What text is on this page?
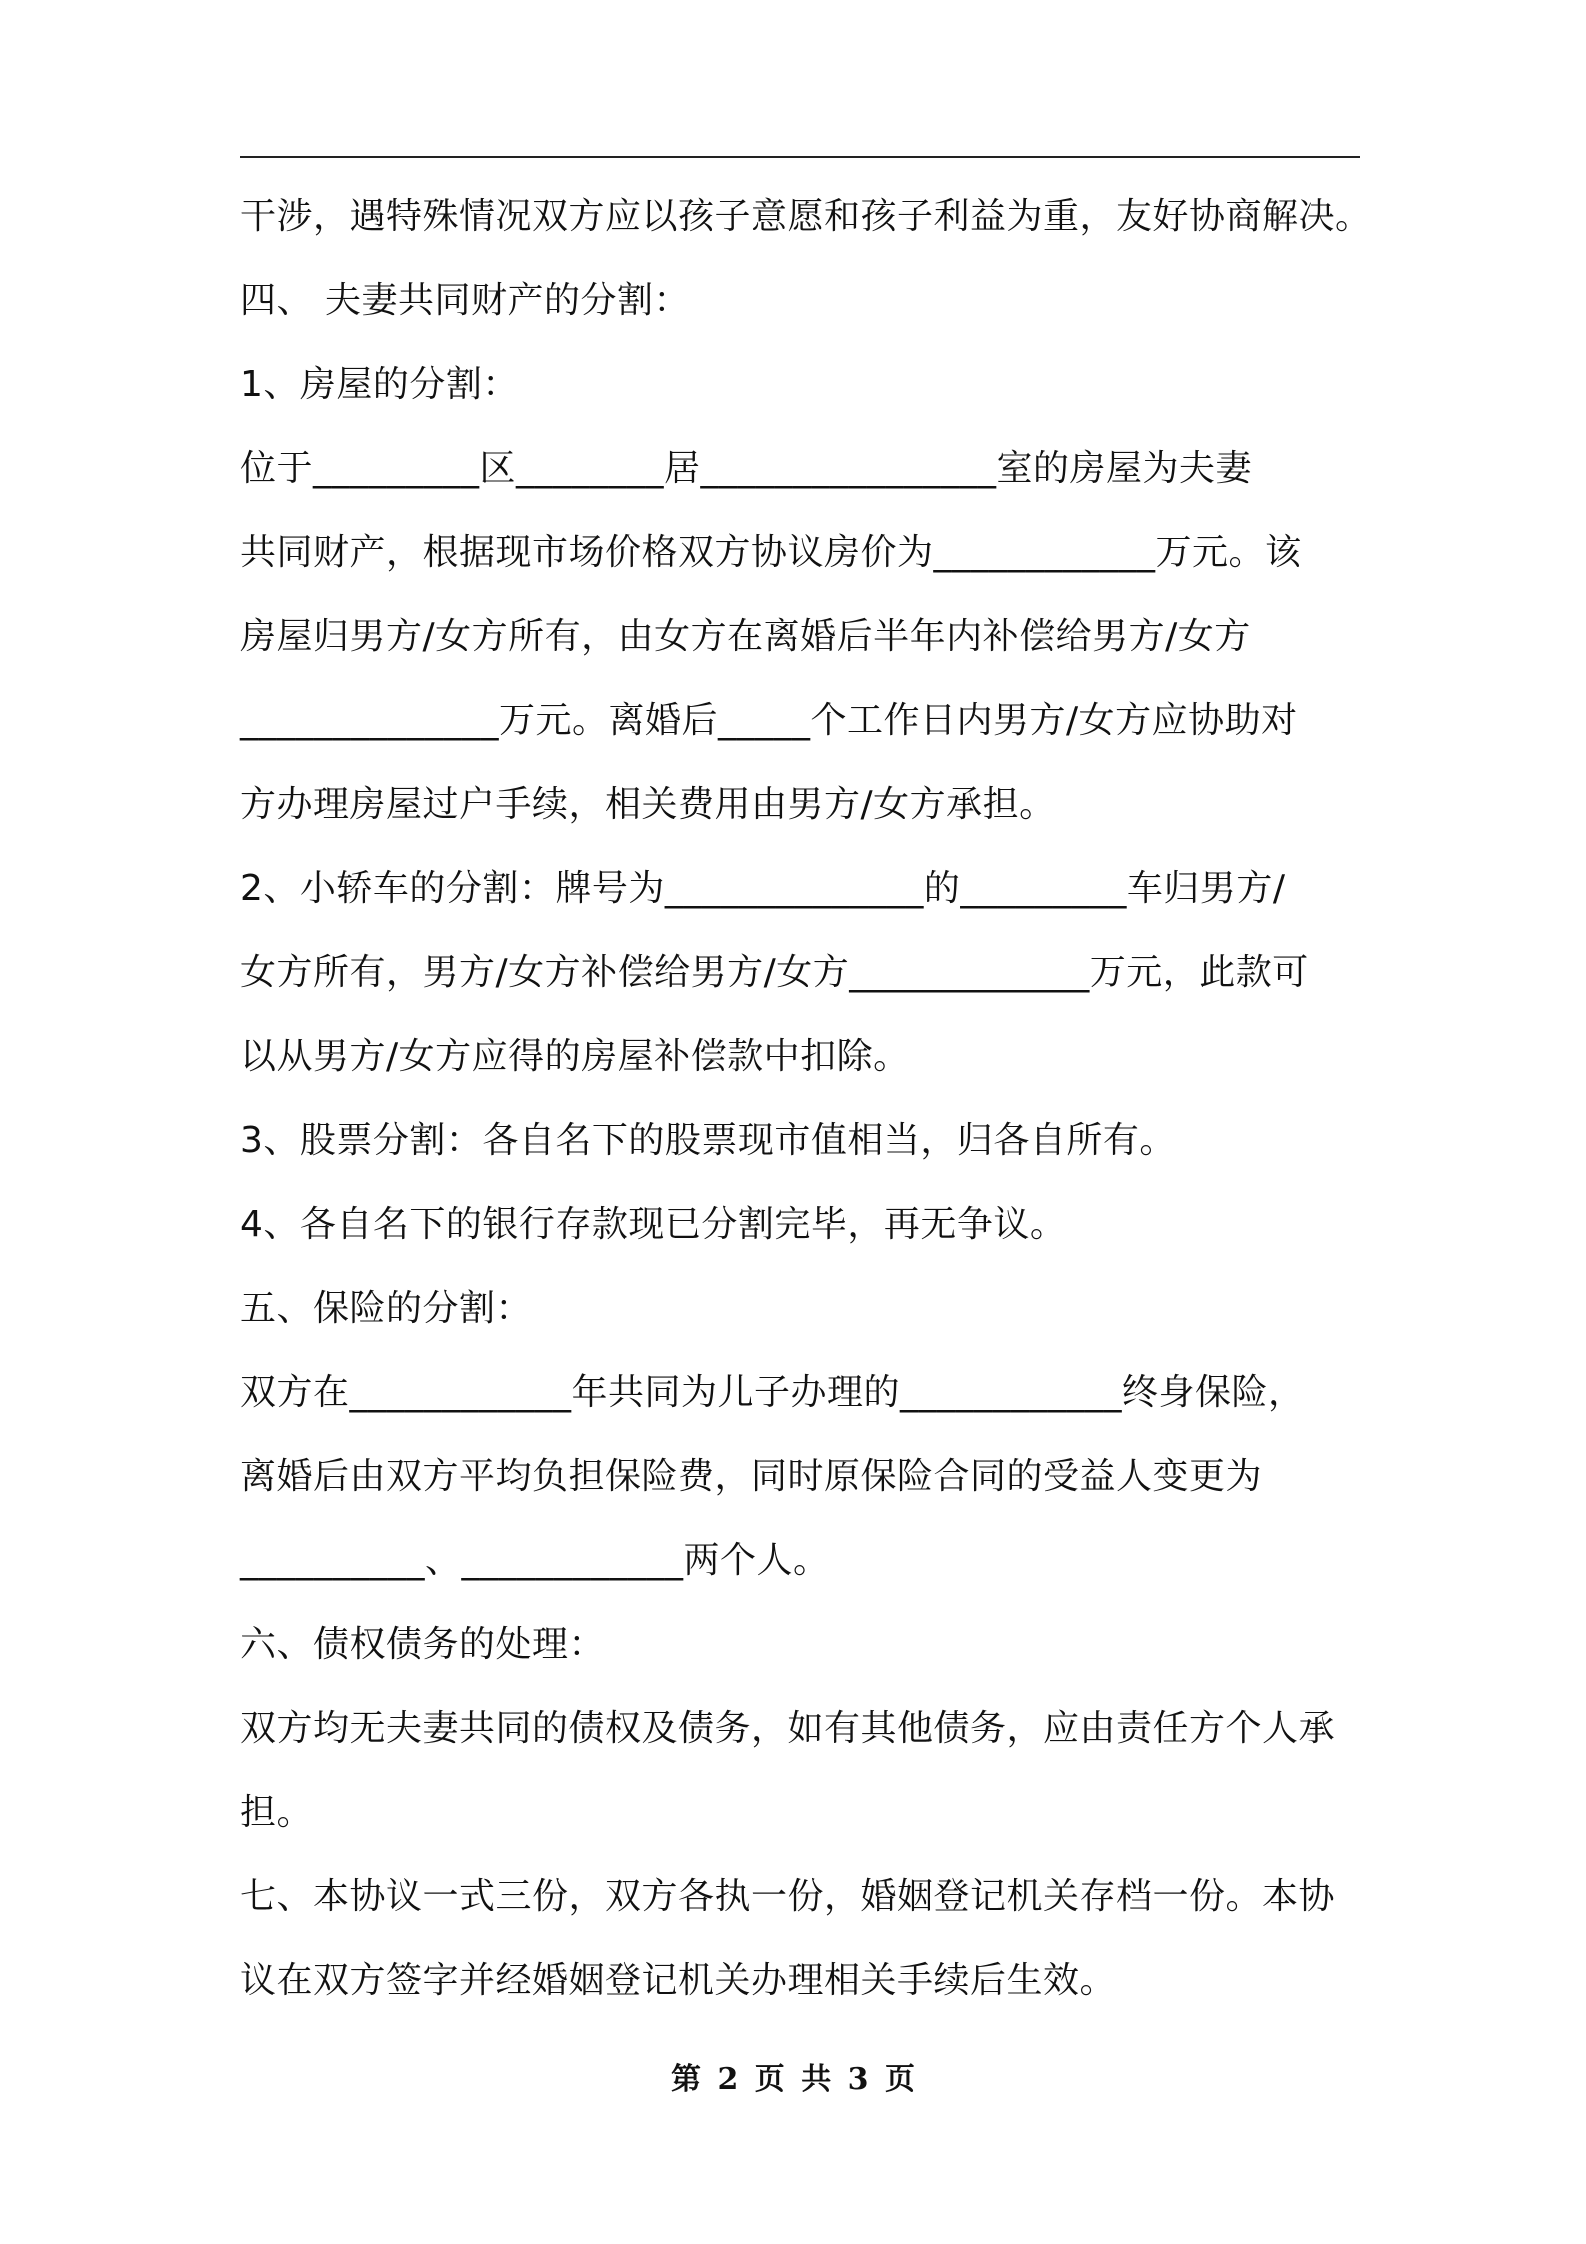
干涉，遇特殊情况双方应以孩子意愿和孩子利益为重，友好协商解决。
四、 夫妻共同财产的分割：
1、房屋的分割：
位于_________区________居________________室的房屋为夫妻
共同财产，根据现市场价格双方协议房价为____________万元。该
房屋归男方/女方所有，由女方在离婚后半年内补偿给男方/女方
______________万元。离婚后_____个工作日内男方/女方应协助对
方办理房屋过户手续，相关费用由男方/女方承担。
2、小轿车的分割：牌号为______________的_________车归男方/
女方所有，男方/女方补偿给男方/女方_____________万元，此款可
以从男方/女方应得的房屋补偿款中扣除。
3、股票分割：各自名下的股票现市值相当，归各自所有。
4、各自名下的银行存款现已分割完毕，再无争议。
五、保险的分割：
双方在____________年共同为儿子办理的____________终身保险，
离婚后由双方平均负担保险费，同时原保险合同的受益人变更为
__________、____________两个人。
六、债权债务的处理：
双方均无夫妻共同的债权及债务，如有其他债务，应由责任方个人承
担。
七、本协议一式三份，双方各执一份，婚姻登记机关存档一份。本协
议在双方签字并经婚姻登记机关办理相关手续后生效。
第 2 页 共 3 页
